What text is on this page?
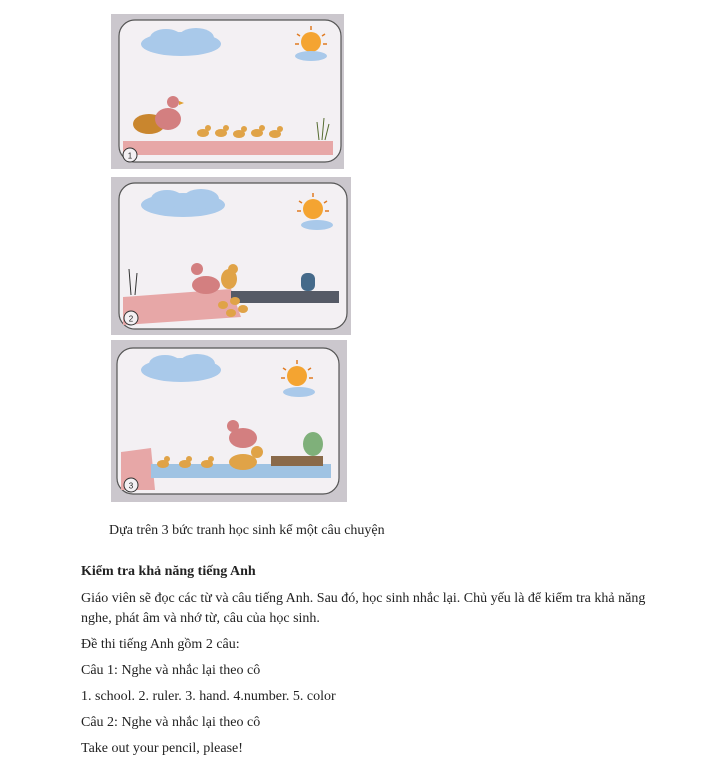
1
2
3
Dựa trên 3 bức tranh học sinh kể một câu chuyện
Kiểm tra khả năng tiếng Anh
Giáo viên sẽ đọc các từ và câu tiếng Anh. Sau đó, học sinh nhắc lại. Chủ yếu là để kiểm tra khả năng nghe, phát âm và nhớ từ, câu của học sinh.
Đề thi tiếng Anh gồm 2 câu:
Câu 1: Nghe và nhắc lại theo cô
1. school. 2. ruler. 3. hand. 4.number. 5. color
Câu 2: Nghe và nhắc lại theo cô
Take out your pencil, please!
